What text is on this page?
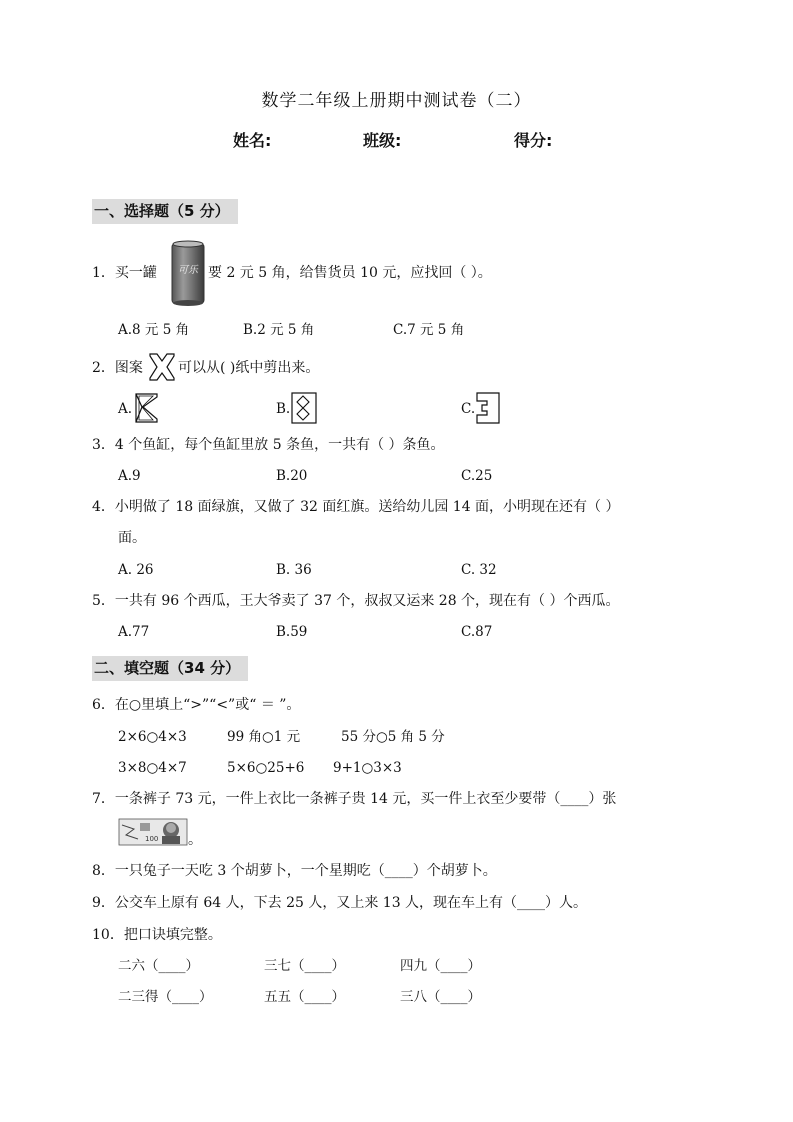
数学二年级上册期中测试卷（二）
姓名:	班级:	得分:
一、选择题（5 分）
1．买一罐 可乐 要 2 元 5 角，给售货员 10 元，应找回（ ）。
A.8 元 5 角	B.2 元 5 角	C.7 元 5 角
2．图案	可以从( )纸中剪出来。
A.	B.	C.
3．4 个鱼缸，每个鱼缸里放 5 条鱼，一共有（ ）条鱼。
A.9	B.20	C.25
4．小明做了 18 面绿旗，又做了 32 面红旗。送给幼儿园 14 面，小明现在还有（ ）
面。
A. 26	B. 36	C. 32
5．一共有 96 个西瓜，王大爷卖了 37 个，叔叔又运来 28 个，现在有（ ）个西瓜。
A.77	B.59	C.87
二、填空题（34 分）
6．在○里填上“>”“<”或“ ＝ ”。
2×6○4×3	99 角○1 元	55 分○5 角 5 分
3×8○4×7	5×6○25+6 9+1○3×3
7．一条裤子 73 元，一件上衣比一条裤子贵 14 元，买一件上衣至少要带（____）张
100 。
8．一只兔子一天吃 3 个胡萝卜，一个星期吃（____）个胡萝卜。
9．公交车上原有 64 人，下去 25 人，又上来 13 人，现在车上有（____）人。
10．把口诀填完整。
二六（____）	三七（____）	四九（____）
二三得（____）	五五（____）	三八（____）
